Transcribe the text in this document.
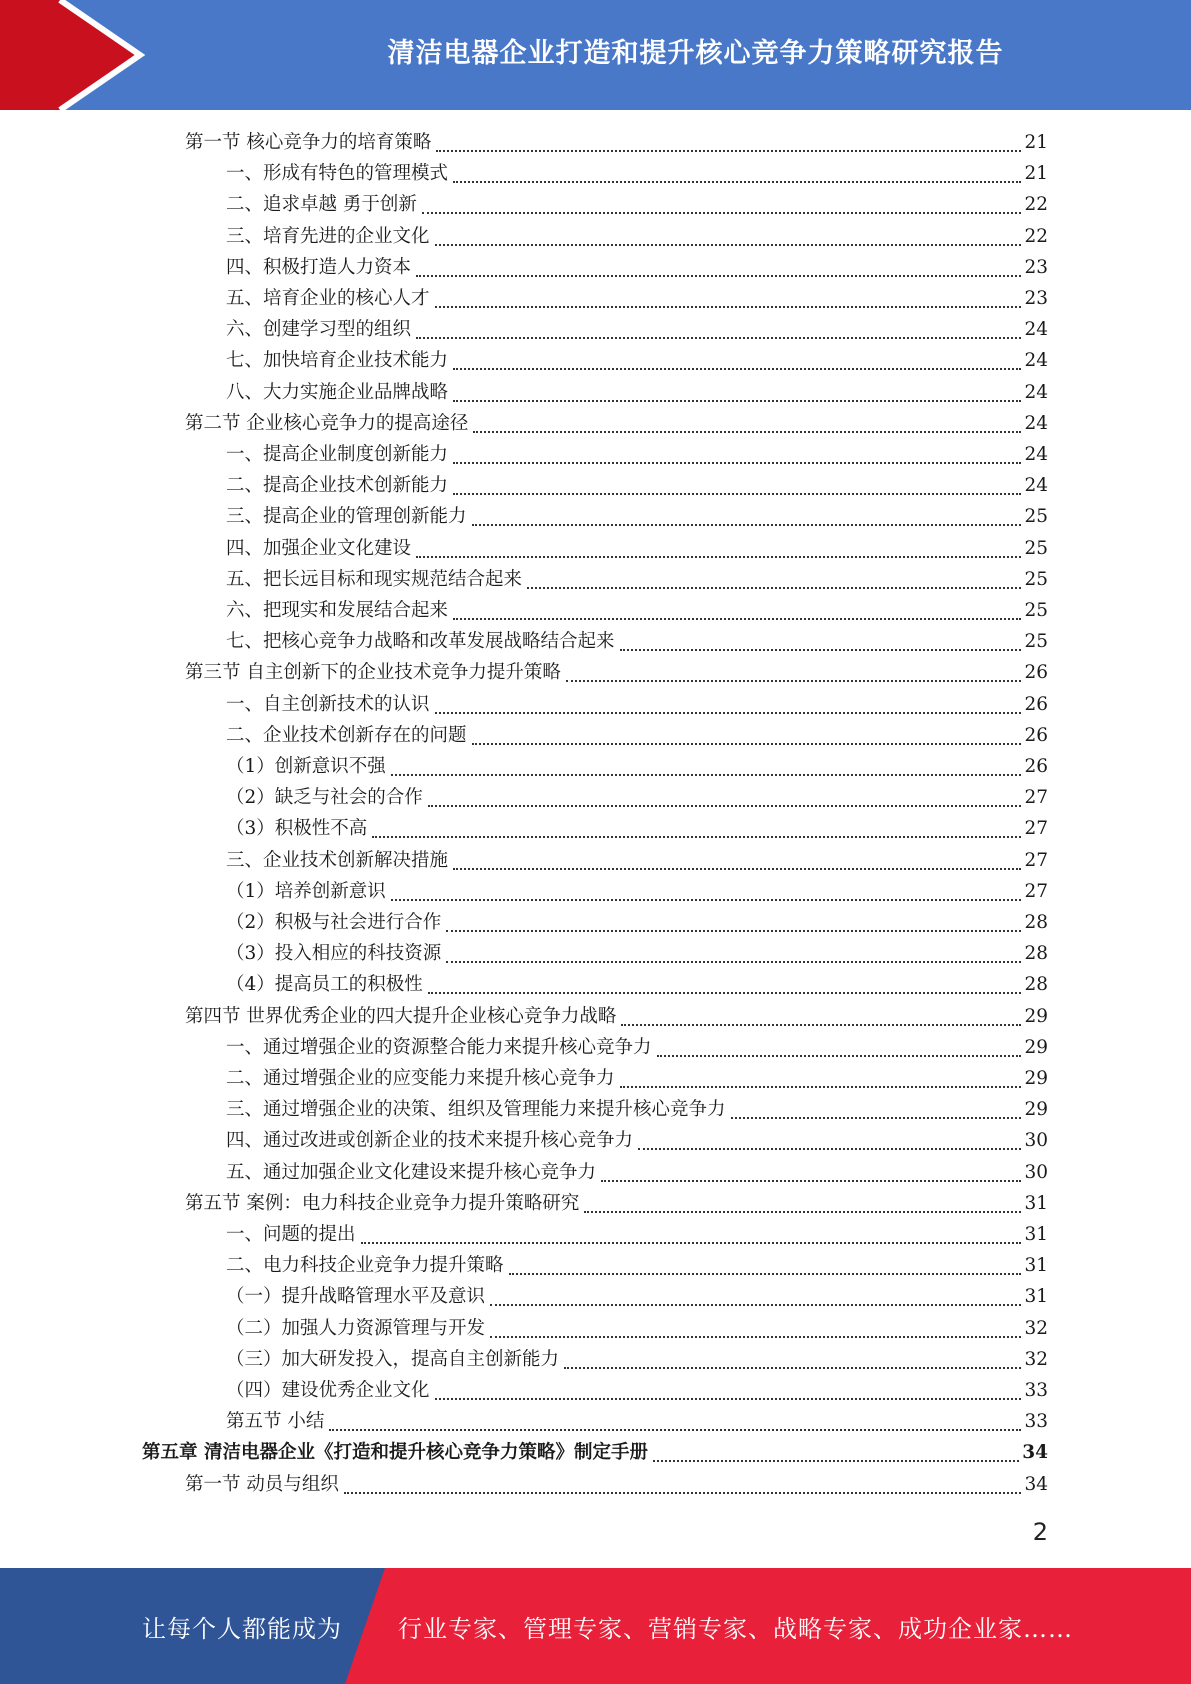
清洁电器企业打造和提升核心竞争力策略研究报告
第一节 核心竞争力的培育策略	21
一、形成有特色的管理模式	21
二、追求卓越 勇于创新	22
三、培育先进的企业文化	22
四、积极打造人力资本	23
五、培育企业的核心人才	23
六、创建学习型的组织	24
七、加快培育企业技术能力	24
八、大力实施企业品牌战略	24
第二节 企业核心竞争力的提高途径	24
一、提高企业制度创新能力	24
二、提高企业技术创新能力	24
三、提高企业的管理创新能力	25
四、加强企业文化建设	25
五、把长远目标和现实规范结合起来	25
六、把现实和发展结合起来	25
七、把核心竞争力战略和改革发展战略结合起来	25
第三节 自主创新下的企业技术竞争力提升策略	26
一、自主创新技术的认识	26
二、企业技术创新存在的问题	26
（1）创新意识不强	26
（2）缺乏与社会的合作	27
（3）积极性不高	27
三、企业技术创新解决措施	27
（1）培养创新意识	27
（2）积极与社会进行合作	28
（3）投入相应的科技资源	28
（4）提高员工的积极性	28
第四节 世界优秀企业的四大提升企业核心竞争力战略	29
一、通过增强企业的资源整合能力来提升核心竞争力	29
二、通过增强企业的应变能力来提升核心竞争力	29
三、通过增强企业的决策、组织及管理能力来提升核心竞争力	29
四、通过改进或创新企业的技术来提升核心竞争力	30
五、通过加强企业文化建设来提升核心竞争力	30
第五节 案例：电力科技企业竞争力提升策略研究	31
一、问题的提出	31
二、电力科技企业竞争力提升策略	31
（一）提升战略管理水平及意识	31
（二）加强人力资源管理与开发	32
（三）加大研发投入，提高自主创新能力	32
（四）建设优秀企业文化	33
第五节 小结	33
第五章 清洁电器企业《打造和提升核心竞争力策略》制定手册	34
第一节 动员与组织	34
2
让每个人都能成为 行业专家、管理专家、营销专家、战略专家、成功企业家……
